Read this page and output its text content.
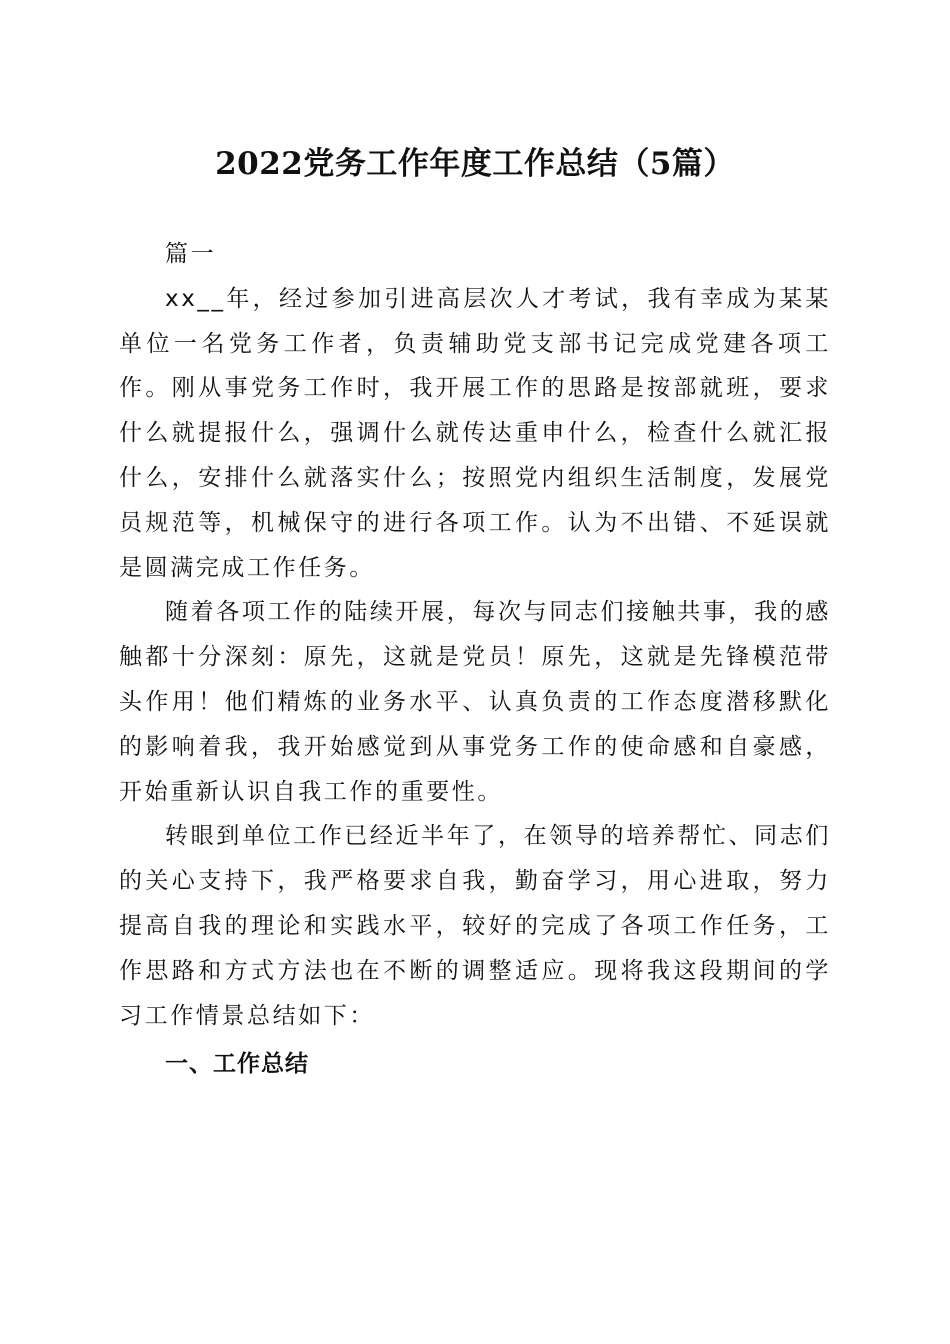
2022党务工作年度工作总结（5篇）

篇一

xx__年，经过参加引进高层次人才考试，我有幸成为某某单位一名党务工作者，负责辅助党支部书记完成党建各项工作。刚从事党务工作时，我开展工作的思路是按部就班，要求什么就提报什么，强调什么就传达重申什么，检查什么就汇报什么，安排什么就落实什么；按照党内组织生活制度，发展党员规范等，机械保守的进行各项工作。认为不出错、不延误就是圆满完成工作任务。

随着各项工作的陆续开展，每次与同志们接触共事，我的感触都十分深刻：原先，这就是党员！原先，这就是先锋模范带头作用！他们精炼的业务水平、认真负责的工作态度潜移默化的影响着我，我开始感觉到从事党务工作的使命感和自豪感，开始重新认识自我工作的重要性。

转眼到单位工作已经近半年了，在领导的培养帮忙、同志们的关心支持下，我严格要求自我，勤奋学习，用心进取，努力提高自我的理论和实践水平，较好的完成了各项工作任务，工作思路和方式方法也在不断的调整适应。现将我这段期间的学习工作情景总结如下：

一、工作总结
